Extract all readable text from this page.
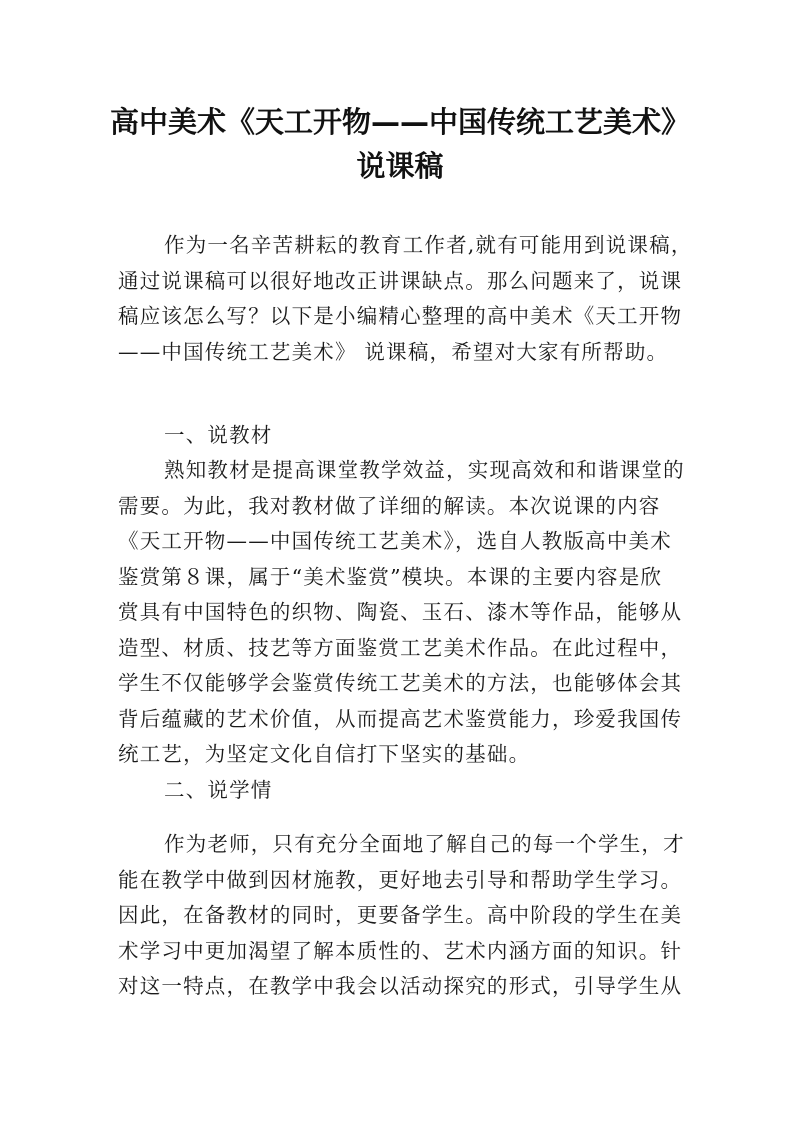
高中美术《天工开物——中国传统工艺美术》
说课稿

作为一名辛苦耕耘的教育工作者,就有可能用到说课稿，
通过说课稿可以很好地改正讲课缺点。那么问题来了，说课
稿应该怎么写？以下是小编精心整理的高中美术《天工开物
——中国传统工艺美术》 说课稿，希望对大家有所帮助。

一、说教材

熟知教材是提高课堂教学效益，实现高效和和谐课堂的
需要。为此，我对教材做了详细的解读。本次说课的内容
《天工开物——中国传统工艺美术》，选自人教版高中美术
鉴赏第８课，属于“美术鉴赏”模块。本课的主要内容是欣
赏具有中国特色的织物、陶瓷、玉石、漆木等作品，能够从
造型、材质、技艺等方面鉴赏工艺美术作品。在此过程中，
学生不仅能够学会鉴赏传统工艺美术的方法，也能够体会其
背后蕴藏的艺术价值，从而提高艺术鉴赏能力，珍爱我国传
统工艺，为坚定文化自信打下坚实的基础。

二、说学情

作为老师，只有充分全面地了解自己的每一个学生，才
能在教学中做到因材施教，更好地去引导和帮助学生学习。
因此，在备教材的同时，更要备学生。高中阶段的学生在美
术学习中更加渴望了解本质性的、艺术内涵方面的知识。针
对这一特点，在教学中我会以活动探究的形式，引导学生从
